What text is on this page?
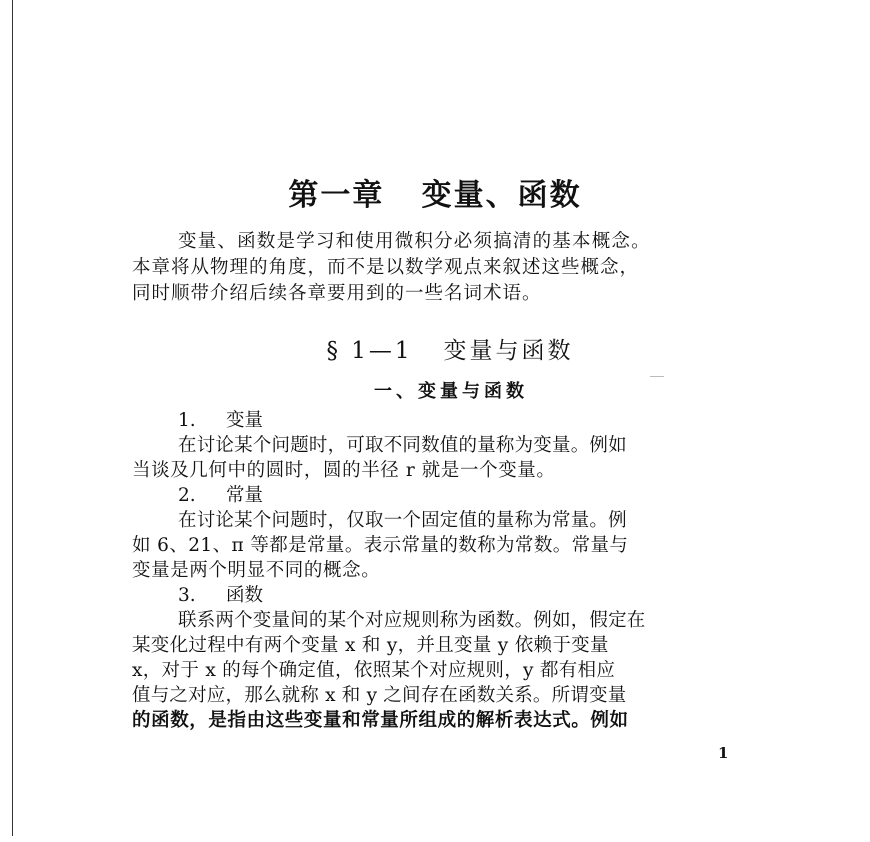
第一章   变量、函数
变量、函数是学习和使用微积分必须搞清的基本概念。
本章将从物理的角度，而不是以数学观点来叙述这些概念，
同时顺带介绍后续各章要用到的一些名词术语。
§ 1—1   变量与函数
一、变量与函数
1. 变量
在讨论某个问题时，可取不同数值的量称为变量。例如
当谈及几何中的圆时，圆的半径 r 就是一个变量。
2. 常量
在讨论某个问题时，仅取一个固定值的量称为常量。例
如 6、21、π 等都是常量。表示常量的数称为常数。常量与
变量是两个明显不同的概念。
3. 函数
联系两个变量间的某个对应规则称为函数。例如，假定在
某变化过程中有两个变量 x 和 y，并且变量 y 依赖于变量
x，对于 x 的每个确定值，依照某个对应规则，y 都有相应
值与之对应，那么就称 x 和 y 之间存在函数关系。所谓变量
的函数，是指由这些变量和常量所组成的解析表达式。例如
1
